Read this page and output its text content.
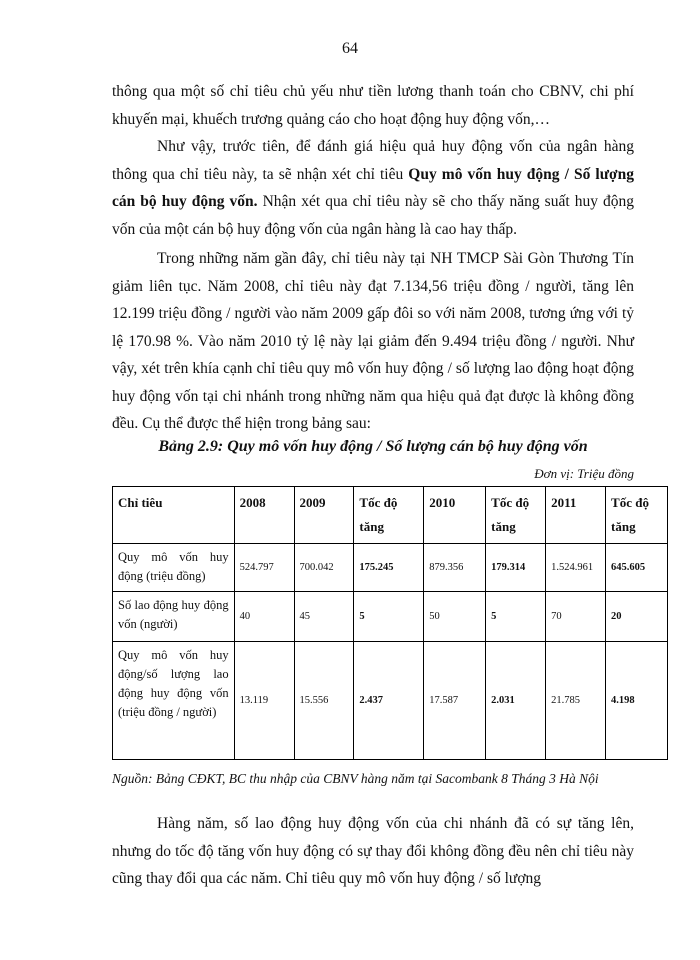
64

thông qua một số chỉ tiêu chủ yếu như tiền lương thanh toán cho CBNV, chi phí khuyến mại, khuếch trương quảng cáo cho hoạt động huy động vốn,…

Như vậy, trước tiên, để đánh giá hiệu quả huy động vốn của ngân hàng thông qua chỉ tiêu này, ta sẽ nhận xét chỉ tiêu Quy mô vốn huy động / Số lượng cán bộ huy động vốn. Nhận xét qua chỉ tiêu này sẽ cho thấy năng suất huy động vốn của một cán bộ huy động vốn của ngân hàng là cao hay thấp.

Trong những năm gần đây, chỉ tiêu này tại NH TMCP Sài Gòn Thương Tín giảm liên tục. Năm 2008, chỉ tiêu này đạt 7.134,56 triệu đồng / người, tăng lên 12.199 triệu đồng / người vào năm 2009 gấp đôi so với năm 2008, tương ứng với tỷ lệ 170.98 %. Vào năm 2010 tỷ lệ này lại giảm đến 9.494 triệu đồng / người. Như vậy, xét trên khía cạnh chỉ tiêu quy mô vốn huy động / số lượng lao động hoạt động huy động vốn tại chi nhánh trong những năm qua hiệu quả đạt được là không đồng đều. Cụ thể được thể hiện trong bảng sau:

Bảng 2.9: Quy mô vốn huy động / Số lượng cán bộ huy động vốn
Đơn vị: Triệu đồng
Chỉ tiêu	2008	2009	Tốc độ tăng	2010	Tốc độ tăng	2011	Tốc độ tăng
Quy mô vốn huy động (triệu đồng)	524.797	700.042	175.245	879.356	179.314	1.524.961	645.605
Số lao động huy động vốn (người)	40	45	5	50	5	70	20
Quy mô vốn huy động/số lượng lao động huy động vốn (triệu đồng / người)	13.119	15.556	2.437	17.587	2.031	21.785	4.198
Nguồn: Bảng CĐKT, BC thu nhập của CBNV hàng năm tại Sacombank 8 Tháng 3 Hà Nội

Hàng năm, số lao động huy động vốn của chi nhánh đã có sự tăng lên, nhưng do tốc độ tăng vốn huy động có sự thay đổi không đồng đều nên chỉ tiêu này cũng thay đổi qua các năm. Chỉ tiêu quy mô vốn huy động / số lượng
